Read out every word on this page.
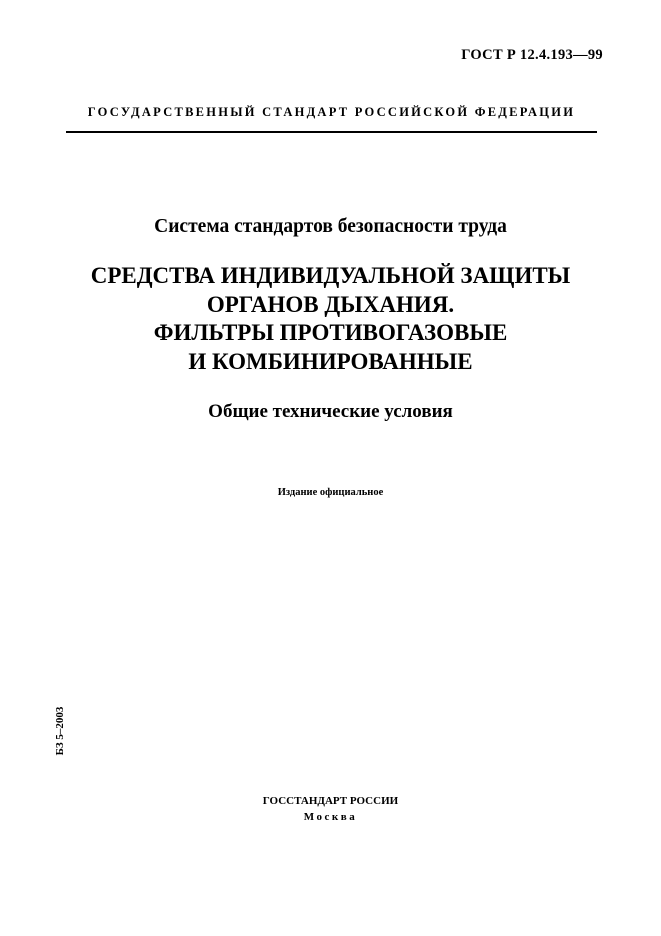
ГОСТ Р 12.4.193—99
ГОСУДАРСТВЕННЫЙ СТАНДАРТ РОССИЙСКОЙ ФЕДЕРАЦИИ
Система стандартов безопасности труда
СРЕДСТВА ИНДИВИДУАЛЬНОЙ ЗАЩИТЫ
ОРГАНОВ ДЫХАНИЯ.
ФИЛЬТРЫ ПРОТИВОГАЗОВЫЕ
И КОМБИНИРОВАННЫЕ
Общие технические условия
Издание официальное
БЗ 5–2003
ГОССТАНДАРТ РОССИИ
Москва
